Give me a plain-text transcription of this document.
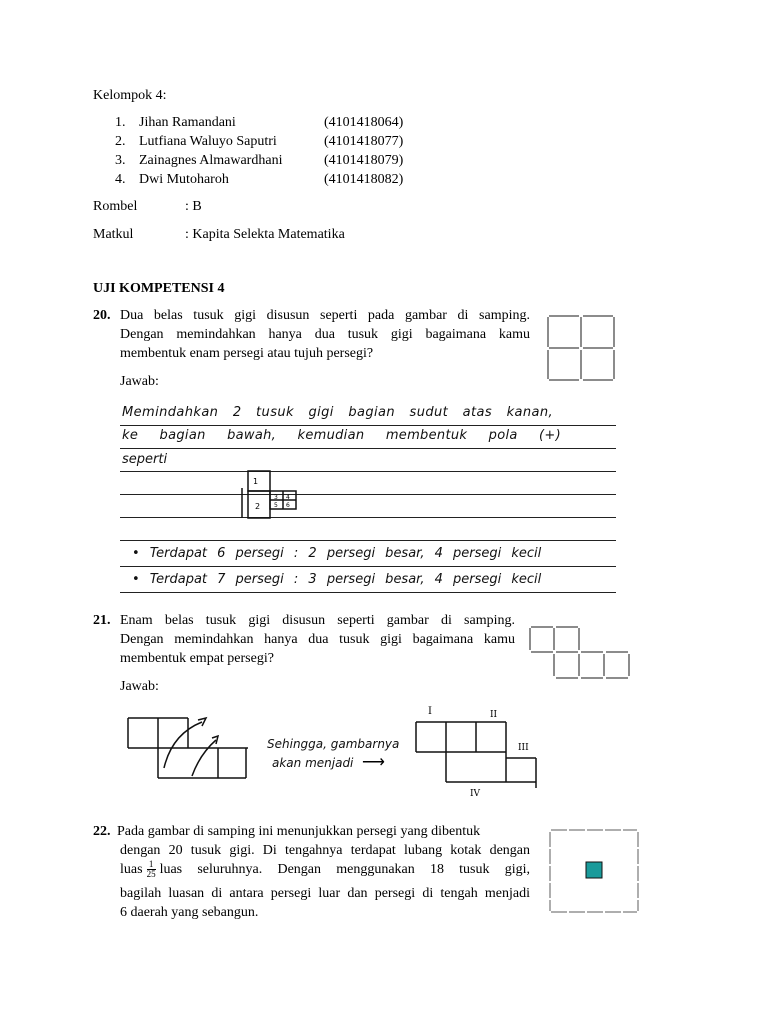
Kelompok 4:
1. Jihan Ramandani	(4101418064)
2. Lutfiana Waluyo Saputri	(4101418077)
3. Zainagnes Almawardhani	(4101418079)
4. Dwi Mutoharoh	(4101418082)
Rombel	: B
Matkul	: Kapita Selekta Matematika
UJI KOMPETENSI 4
20. Dua belas tusuk gigi disusun seperti pada gambar di samping.
Dengan memindahkan hanya dua tusuk gigi bagaimana kamu
membentuk enam persegi atau tujuh persegi?
Jawab:
Memindahkan 2 tusuk gigi bagian sudut atas kanan,
ke bagian bawah, kemudian membentuk pola (+)
seperti
1
2
3 4
5 6
• Terdapat 6 persegi : 2 persegi besar, 4 persegi kecil
• Terdapat 7 persegi : 3 persegi besar, 4 persegi kecil
21. Enam belas tusuk gigi disusun seperti gambar di samping.
Dengan memindahkan hanya dua tusuk gigi bagaimana kamu
membentuk empat persegi?
Jawab:
Sehingga, gambarnya
akan menjadi ⟶
I	II
III
IV
22. Pada gambar di samping ini menunjukkan persegi yang dibentuk
dengan 20 tusuk gigi. Di tengahnya terdapat lubang kotak dengan
luas $\frac{1}{25}$ luas seluruhnya. Dengan menggunakan 18 tusuk gigi,
bagilah luasan di antara persegi luar dan persegi di tengah menjadi
6 daerah yang sebangun.
